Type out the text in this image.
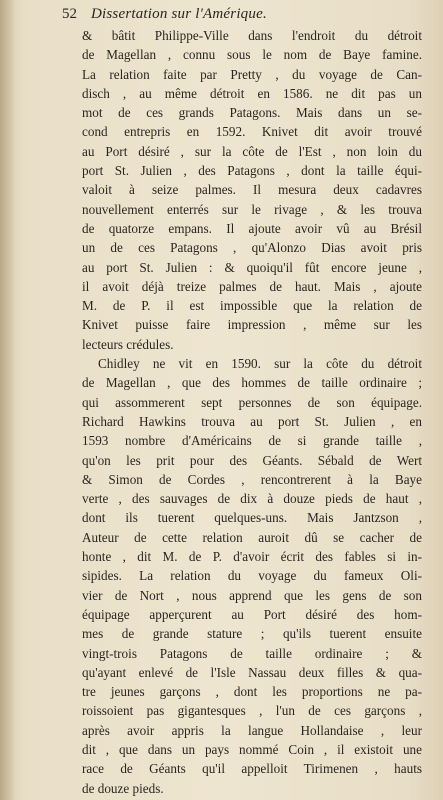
52 Dissertation sur l'Amérique.

& bâtit Philippe-Ville dans l'endroit du détroit
de Magellan , connu sous le nom de Baye famine.
La relation faite par Pretty , du voyage de Can-
disch , au même détroit en 1586. ne dit pas un
mot de ces grands Patagons. Mais dans un se-
cond entrepris en 1592. Knivet dit avoir trouvé
au Port désiré , sur la côte de l'Est , non loin du
port St. Julien , des Patagons , dont la taille équi-
valoit à seize palmes. Il mesura deux cadavres
nouvellement enterrés sur le rivage , & les trouva
de quatorze empans. Il ajoute avoir vû au Brésil
un de ces Patagons , qu'Alonzo Dias avoit pris
au port St. Julien : & quoiqu'il fût encore jeune ,
il avoit déjà treize palmes de haut. Mais , ajoute
M. de P. il est impossible que la relation de
Knivet puisse faire impression , même sur les
lecteurs crédules.

Chidley ne vit en 1590. sur la côte du détroit
de Magellan , que des hommes de taille ordinaire ;
qui assommerent sept personnes de son équipage.
Richard Hawkins trouva au port St. Julien , en
1593 nombre d'Américains de si grande taille ,
qu'on les prit pour des Géants. Sébald de Wert
& Simon de Cordes , rencontrerent à la Baye
verte , des sauvages de dix à douze pieds de haut ,
dont ils tuerent quelques-uns. Mais Jantzson ,
Auteur de cette relation auroit dû se cacher de
honte , dit M. de P. d'avoir écrit des fables si in-
sipides. La relation du voyage du fameux Oli-
vier de Nort , nous apprend que les gens de son
équipage apperçurent au Port désiré des hom-
mes de grande stature ; qu'ils tuerent ensuite
vingt-trois Patagons de taille ordinaire ; &
qu'ayant enlevé de l'Isle Nassau deux filles & qua-
tre jeunes garçons , dont les proportions ne pa-
roissoient pas gigantesques , l'un de ces garçons ,
après avoir appris la langue Hollandaise , leur
dit , que dans un pays nommé Coin , il existoit une
race de Géants qu'il appelloit Tirimenen , hauts
de douze pieds.
